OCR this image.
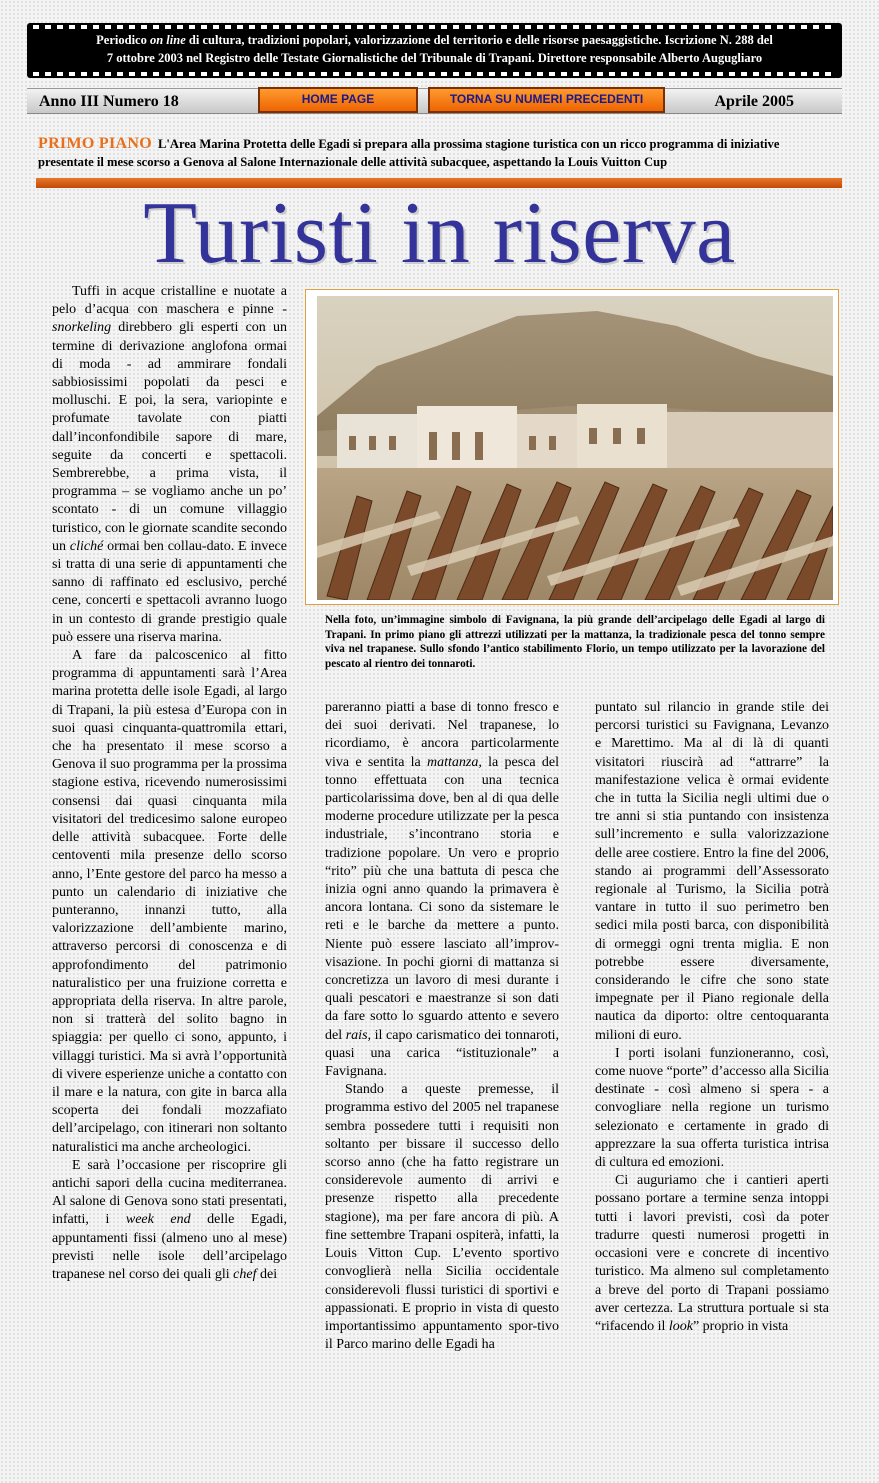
Periodico on line di cultura, tradizioni popolari, valorizzazione del territorio e delle risorse paesaggistiche. Iscrizione N. 288 del
7 ottobre 2003 nel Registro delle Testate Giornalistiche del Tribunale di Trapani. Direttore responsabile Alberto Augugliaro
Anno III Numero 18	HOME PAGE	TORNA SU NUMERI PRECEDENTI	Aprile 2005
PRIMO PIANO L'Area Marina Protetta delle Egadi si prepara alla prossima stagione turistica con un ricco programma di iniziative presentate il mese scorso a Genova al Salone Internazionale delle attività subacquee, aspettando la Louis Vuitton Cup
Turisti in riserva

Tuffi in acque cristalline e nuotate a pelo d’acqua con maschera e pinne - snorkeling direbbero gli esperti con un termine di derivazione anglofona ormai di moda - ad ammirare fondali sabbiosissimi popolati da pesci e molluschi. E poi, la sera, variopinte e profumate tavolate con piatti dall’inconfondibile sapore di mare, seguite da concerti e spettacoli. Sembrerebbe, a prima vista, il programma – se vogliamo anche un po’ scontato - di un comune villaggio turistico, con le giornate scandite secondo un cliché ormai ben collau-dato. E invece si tratta di una serie di appuntamenti che sanno di raffinato ed esclusivo, perché cene, concerti e spettacoli avranno luogo in un contesto di grande prestigio quale può essere una riserva marina.

A fare da palcoscenico al fitto programma di appuntamenti sarà l’Area marina protetta delle isole Egadi, al largo di Trapani, la più estesa d’Europa con in suoi quasi cinquanta-quattromila ettari, che ha presentato il mese scorso a Genova il suo programma per la prossima stagione estiva, ricevendo numerosissimi consensi dai quasi cinquanta mila visitatori del tredicesimo salone europeo delle attività subacquee. Forte delle centoventi mila presenze dello scorso anno, l’Ente gestore del parco ha messo a punto un calendario di iniziative che punteranno, innanzi tutto, alla valorizzazione dell’ambiente marino, attraverso percorsi di conoscenza e di approfondimento del patrimonio naturalistico per una fruizione corretta e appropriata della riserva. In altre parole, non si tratterà del solito bagno in spiaggia: per quello ci sono, appunto, i villaggi turistici. Ma si avrà l’opportunità di vivere esperienze uniche a contatto con il mare e la natura, con gite in barca alla scoperta dei fondali mozzafiato dell’arcipelago, con itinerari non soltanto naturalistici ma anche archeologici.

E sarà l’occasione per riscoprire gli antichi sapori della cucina mediterranea. Al salone di Genova sono stati presentati, infatti, i week end delle Egadi, appuntamenti fissi (almeno uno al mese) previsti nelle isole dell’arcipelago trapanese nel corso dei quali gli chef dei

Nella foto, un’immagine simbolo di Favignana, la più grande dell’arcipelago delle Egadi al largo di Trapani. In primo piano gli attrezzi utilizzati per la mattanza, la tradizionale pesca del tonno sempre viva nel trapanese. Sullo sfondo l’antico stabilimento Florio, un tempo utilizzato per la lavorazione del pescato al rientro dei tonnaroti.

pareranno piatti a base di tonno fresco e dei suoi derivati. Nel trapanese, lo ricordiamo, è ancora particolarmente viva e sentita la mattanza, la pesca del tonno effettuata con una tecnica particolarissima dove, ben al di qua delle moderne procedure utilizzate per la pesca industriale, s’incontrano storia e tradizione popolare. Un vero e proprio “rito” più che una battuta di pesca che inizia ogni anno quando la primavera è ancora lontana. Ci sono da sistemare le reti e le barche da mettere a punto. Niente può essere lasciato all’improv-visazione. In pochi giorni di mattanza si concretizza un lavoro di mesi durante i quali pescatori e maestranze si son dati da fare sotto lo sguardo attento e severo del rais, il capo carismatico dei tonnaroti, quasi una carica “istituzionale” a Favignana.

Stando a queste premesse, il programma estivo del 2005 nel trapanese sembra possedere tutti i requisiti non soltanto per bissare il successo dello scorso anno (che ha fatto registrare un considerevole aumento di arrivi e presenze rispetto alla precedente stagione), ma per fare ancora di più. A fine settembre Trapani ospiterà, infatti, la Louis Vitton Cup. L’evento sportivo convoglierà nella Sicilia occidentale considerevoli flussi turistici di sportivi e appassionati. E proprio in vista di questo importantissimo appuntamento spor-tivo il Parco marino delle Egadi ha

puntato sul rilancio in grande stile dei percorsi turistici su Favignana, Levanzo e Marettimo. Ma al di là di quanti visitatori riuscirà ad “attrarre” la manifestazione velica è ormai evidente che in tutta la Sicilia negli ultimi due o tre anni si stia puntando con insistenza sull’incremento e sulla valorizzazione delle aree costiere. Entro la fine del 2006, stando ai programmi dell’Assessorato regionale al Turismo, la Sicilia potrà vantare in tutto il suo perimetro ben sedici mila posti barca, con disponibilità di ormeggi ogni trenta miglia. E non potrebbe essere diversamente, considerando le cifre che sono state impegnate per il Piano regionale della nautica da diporto: oltre centoquaranta milioni di euro.

I porti isolani funzioneranno, così, come nuove “porte” d’accesso alla Sicilia destinate - così almeno si spera - a convogliare nella regione un turismo selezionato e certamente in grado di apprezzare la sua offerta turistica intrisa di cultura ed emozioni.

Ci auguriamo che i cantieri aperti possano portare a termine senza intoppi tutti i lavori previsti, così da poter tradurre questi numerosi progetti in occasioni vere e concrete di incentivo turistico. Ma almeno sul completamento a breve del porto di Trapani possiamo aver certezza. La struttura portuale si sta “rifacendo il look” proprio in vista
